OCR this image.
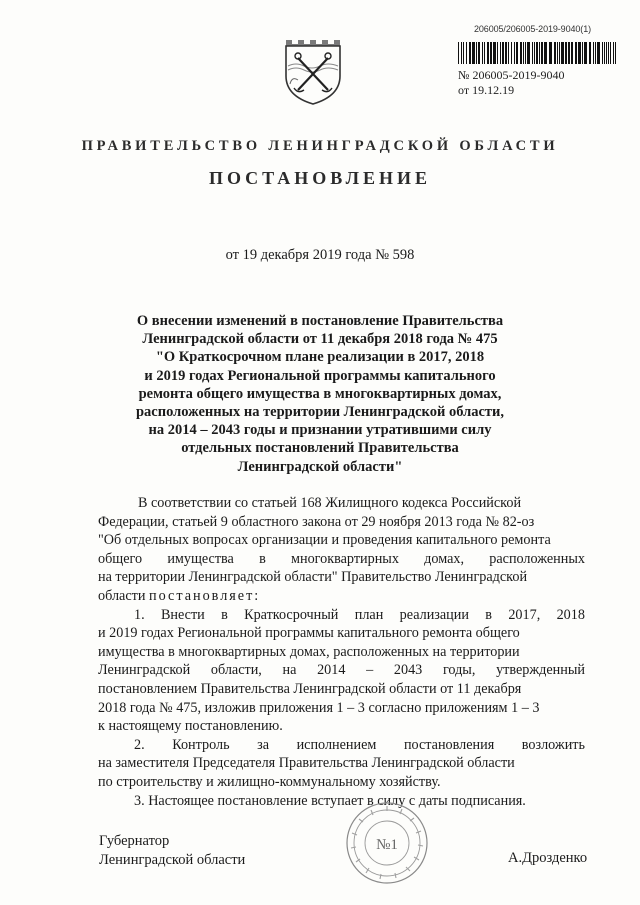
206005/206005-2019-9040(1)
№ 206005-2019-9040
от 19.12.19
ПРАВИТЕЛЬСТВО ЛЕНИНГРАДСКОЙ ОБЛАСТИ
ПОСТАНОВЛЕНИЕ
от 19 декабря 2019 года № 598
О внесении изменений в постановление Правительства
Ленинградской области от 11 декабря 2018 года № 475
"О Краткосрочном плане реализации в 2017, 2018
и 2019 годах Региональной программы капитального
ремонта общего имущества в многоквартирных домах,
расположенных на территории Ленинградской области,
на 2014 – 2043 годы и признании утратившими силу
отдельных постановлений Правительства
Ленинградской области"
В соответствии со статьей 168 Жилищного кодекса Российской
Федерации, статьей 9 областного закона от 29 ноября 2013 года № 82-оз
"Об отдельных вопросах организации и проведения капитального ремонта
общего имущества в многоквартирных домах, расположенных
на территории Ленинградской области" Правительство Ленинградской
области постановляет:
1. Внести в Краткосрочный план реализации в 2017, 2018
и 2019 годах Региональной программы капитального ремонта общего
имущества в многоквартирных домах, расположенных на территории
Ленинградской области, на 2014 – 2043 годы, утвержденный
постановлением Правительства Ленинградской области от 11 декабря
2018 года № 475, изложив приложения 1 – 3 согласно приложениям 1 – 3
к настоящему постановлению.
2. Контроль за исполнением постановления возложить
на заместителя Председателя Правительства Ленинградской области
по строительству и жилищно-коммунальному хозяйству.
3. Настоящее постановление вступает в силу с даты подписания.
Губернатор
Ленинградской области
№1
А.Дрозденко
